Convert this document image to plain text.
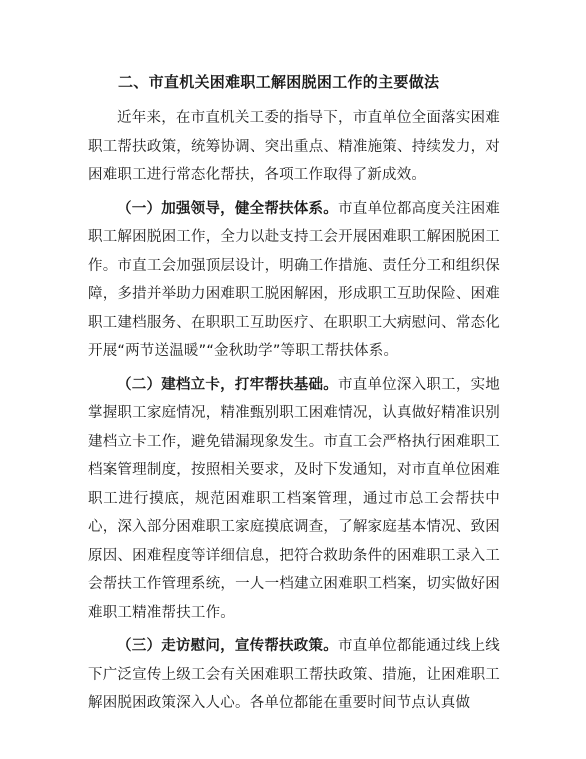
二、市直机关困难职工解困脱困工作的主要做法

近年来，在市直机关工委的指导下，市直单位全面落实困难职工帮扶政策，统筹协调、突出重点、精准施策、持续发力，对困难职工进行常态化帮扶，各项工作取得了新成效。

（一）加强领导，健全帮扶体系。市直单位都高度关注困难职工解困脱困工作，全力以赴支持工会开展困难职工解困脱困工作。市直工会加强顶层设计，明确工作措施、责任分工和组织保障，多措并举助力困难职工脱困解困，形成职工互助保险、困难职工建档服务、在职职工互助医疗、在职职工大病慰问、常态化开展“两节送温暖”“金秋助学”等职工帮扶体系。

（二）建档立卡，打牢帮扶基础。市直单位深入职工，实地掌握职工家庭情况，精准甄别职工困难情况，认真做好精准识别建档立卡工作，避免错漏现象发生。市直工会严格执行困难职工档案管理制度，按照相关要求，及时下发通知，对市直单位困难职工进行摸底，规范困难职工档案管理，通过市总工会帮扶中心，深入部分困难职工家庭摸底调查，了解家庭基本情况、致困原因、困难程度等详细信息，把符合救助条件的困难职工录入工会帮扶工作管理系统，一人一档建立困难职工档案，切实做好困难职工精准帮扶工作。

（三）走访慰问，宣传帮扶政策。市直单位都能通过线上线下广泛宣传上级工会有关困难职工帮扶政策、措施，让困难职工解困脱困政策深入人心。各单位都能在重要时间节点认真做
